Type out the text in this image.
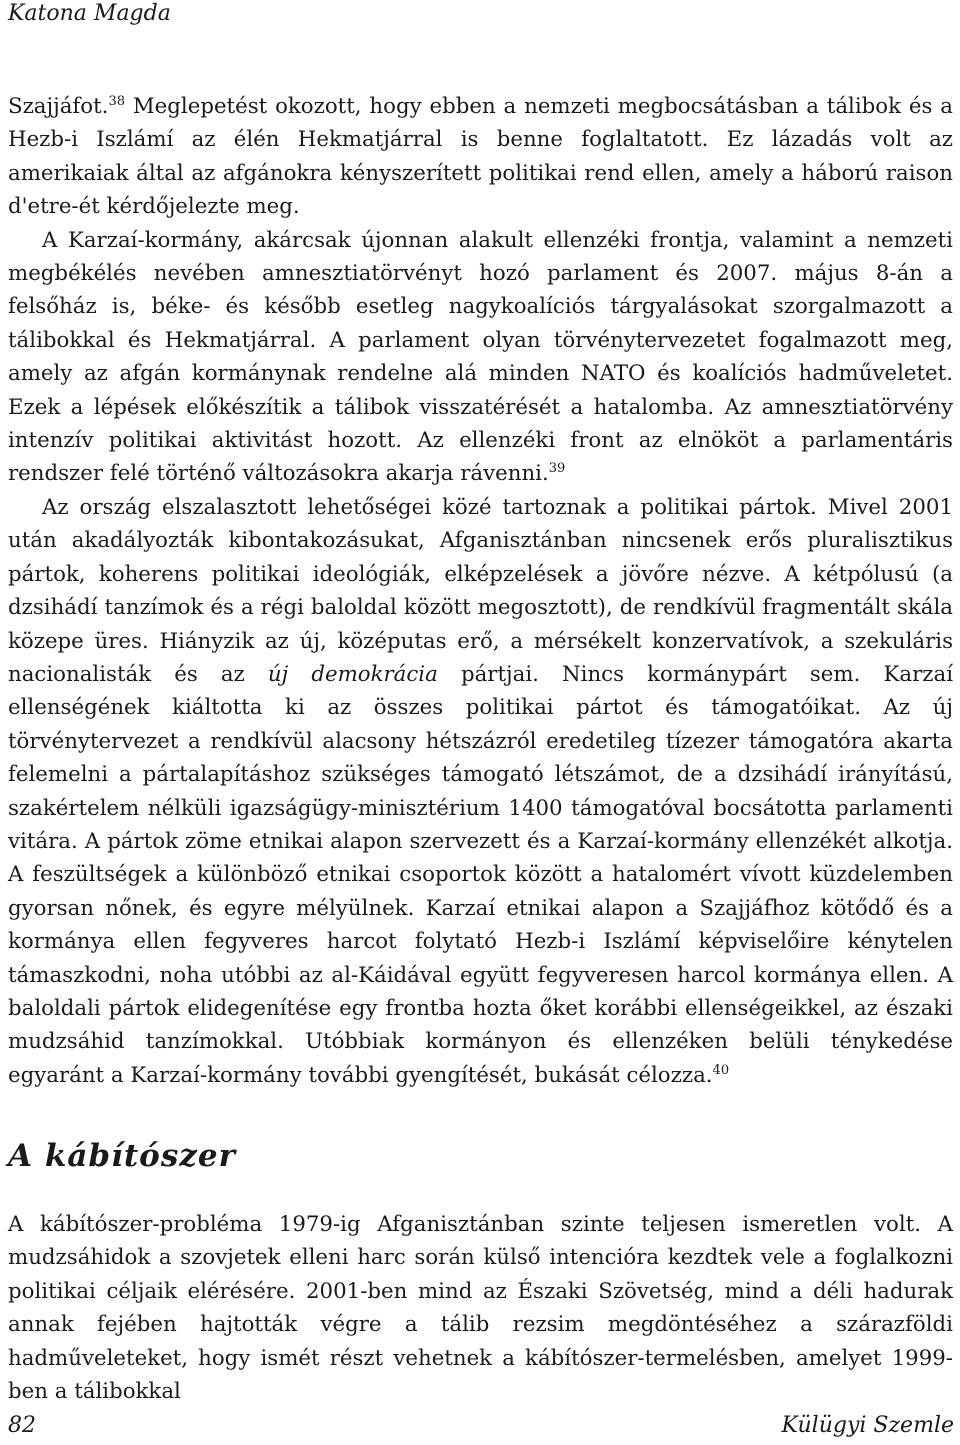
Katona Magda

Szajjáfot.$^{38}$ Meglepetést okozott, hogy ebben a nemzeti megbocsátásban a tálibok és a Hezb-i Iszlámí az élén Hekmatjárral is benne foglaltatott. Ez lázadás volt az amerikaiak által az afgánokra kényszerített politikai rend ellen, amely a háború raison d'etre-ét kérdőjelezte meg.

A Karzaí-kormány, akárcsak újonnan alakult ellenzéki frontja, valamint a nemzeti megbékélés nevében amnesztiatörvényt hozó parlament és 2007. május 8-án a felsőház is, béke- és később esetleg nagykoalíciós tárgyalásokat szorgalmazott a tálibokkal és Hekmatjárral. A parlament olyan törvénytervezetet fogalmazott meg, amely az afgán kormánynak rendelne alá minden NATO és koalíciós hadműveletet. Ezek a lépések előkészítik a tálibok visszatérését a hatalomba. Az amnesztiatörvény intenzív politikai aktivitást hozott. Az ellenzéki front az elnököt a parlamentáris rendszer felé történő változásokra akarja rávenni.$^{39}$

Az ország elszalasztott lehetőségei közé tartoznak a politikai pártok. Mivel 2001 után akadályozták kibontakozásukat, Afganisztánban nincsenek erős pluralisztikus pártok, koherens politikai ideológiák, elképzelések a jövőre nézve. A kétpólusú (a dzsihádí tanzímok és a régi baloldal között megosztott), de rendkívül fragmentált skála közepe üres. Hiányzik az új, középutas erő, a mérsékelt konzervatívok, a szekuláris nacionalisták és az új demokrácia pártjai. Nincs kormánypárt sem. Karzaí ellenségének kiáltotta ki az összes politikai pártot és támogatóikat. Az új törvénytervezet a rendkívül alacsony hétszázról eredetileg tízezer támogatóra akarta felemelni a pártalapításhoz szükséges támogató létszámot, de a dzsihádí irányítású, szakértelem nélküli igazságügy-minisztérium 1400 támogatóval bocsátotta parlamenti vitára. A pártok zöme etnikai alapon szervezett és a Karzaí-kormány ellenzékét alkotja. A feszültségek a különböző etnikai csoportok között a hatalomért vívott küzdelemben gyorsan nőnek, és egyre mélyülnek. Karzaí etnikai alapon a Szajjáfhoz kötődő és a kormánya ellen fegyveres harcot folytató Hezb-i Iszlámí képviselőire kénytelen támaszkodni, noha utóbbi az al-Káidával együtt fegyveresen harcol kormánya ellen. A baloldali pártok elidegenítése egy frontba hozta őket korábbi ellenségeikkel, az északi mudzsáhid tanzímokkal. Utóbbiak kormányon és ellenzéken belüli ténykedése egyaránt a Karzaí-kormány további gyengítését, bukását célozza.$^{40}$

A kábítószer

A kábítószer-probléma 1979-ig Afganisztánban szinte teljesen ismeretlen volt. A mudzsáhidok a szovjetek elleni harc során külső intencióra kezdtek vele a foglalkozni politikai céljaik elérésére. 2001-ben mind az Északi Szövetség, mind a déli hadurak annak fejében hajtották végre a tálib rezsim megdöntéséhez a szárazföldi hadműveleteket, hogy ismét részt vehetnek a kábítószer-termelésben, amelyet 1999-ben a tálibokkal

82	Külügyi Szemle
